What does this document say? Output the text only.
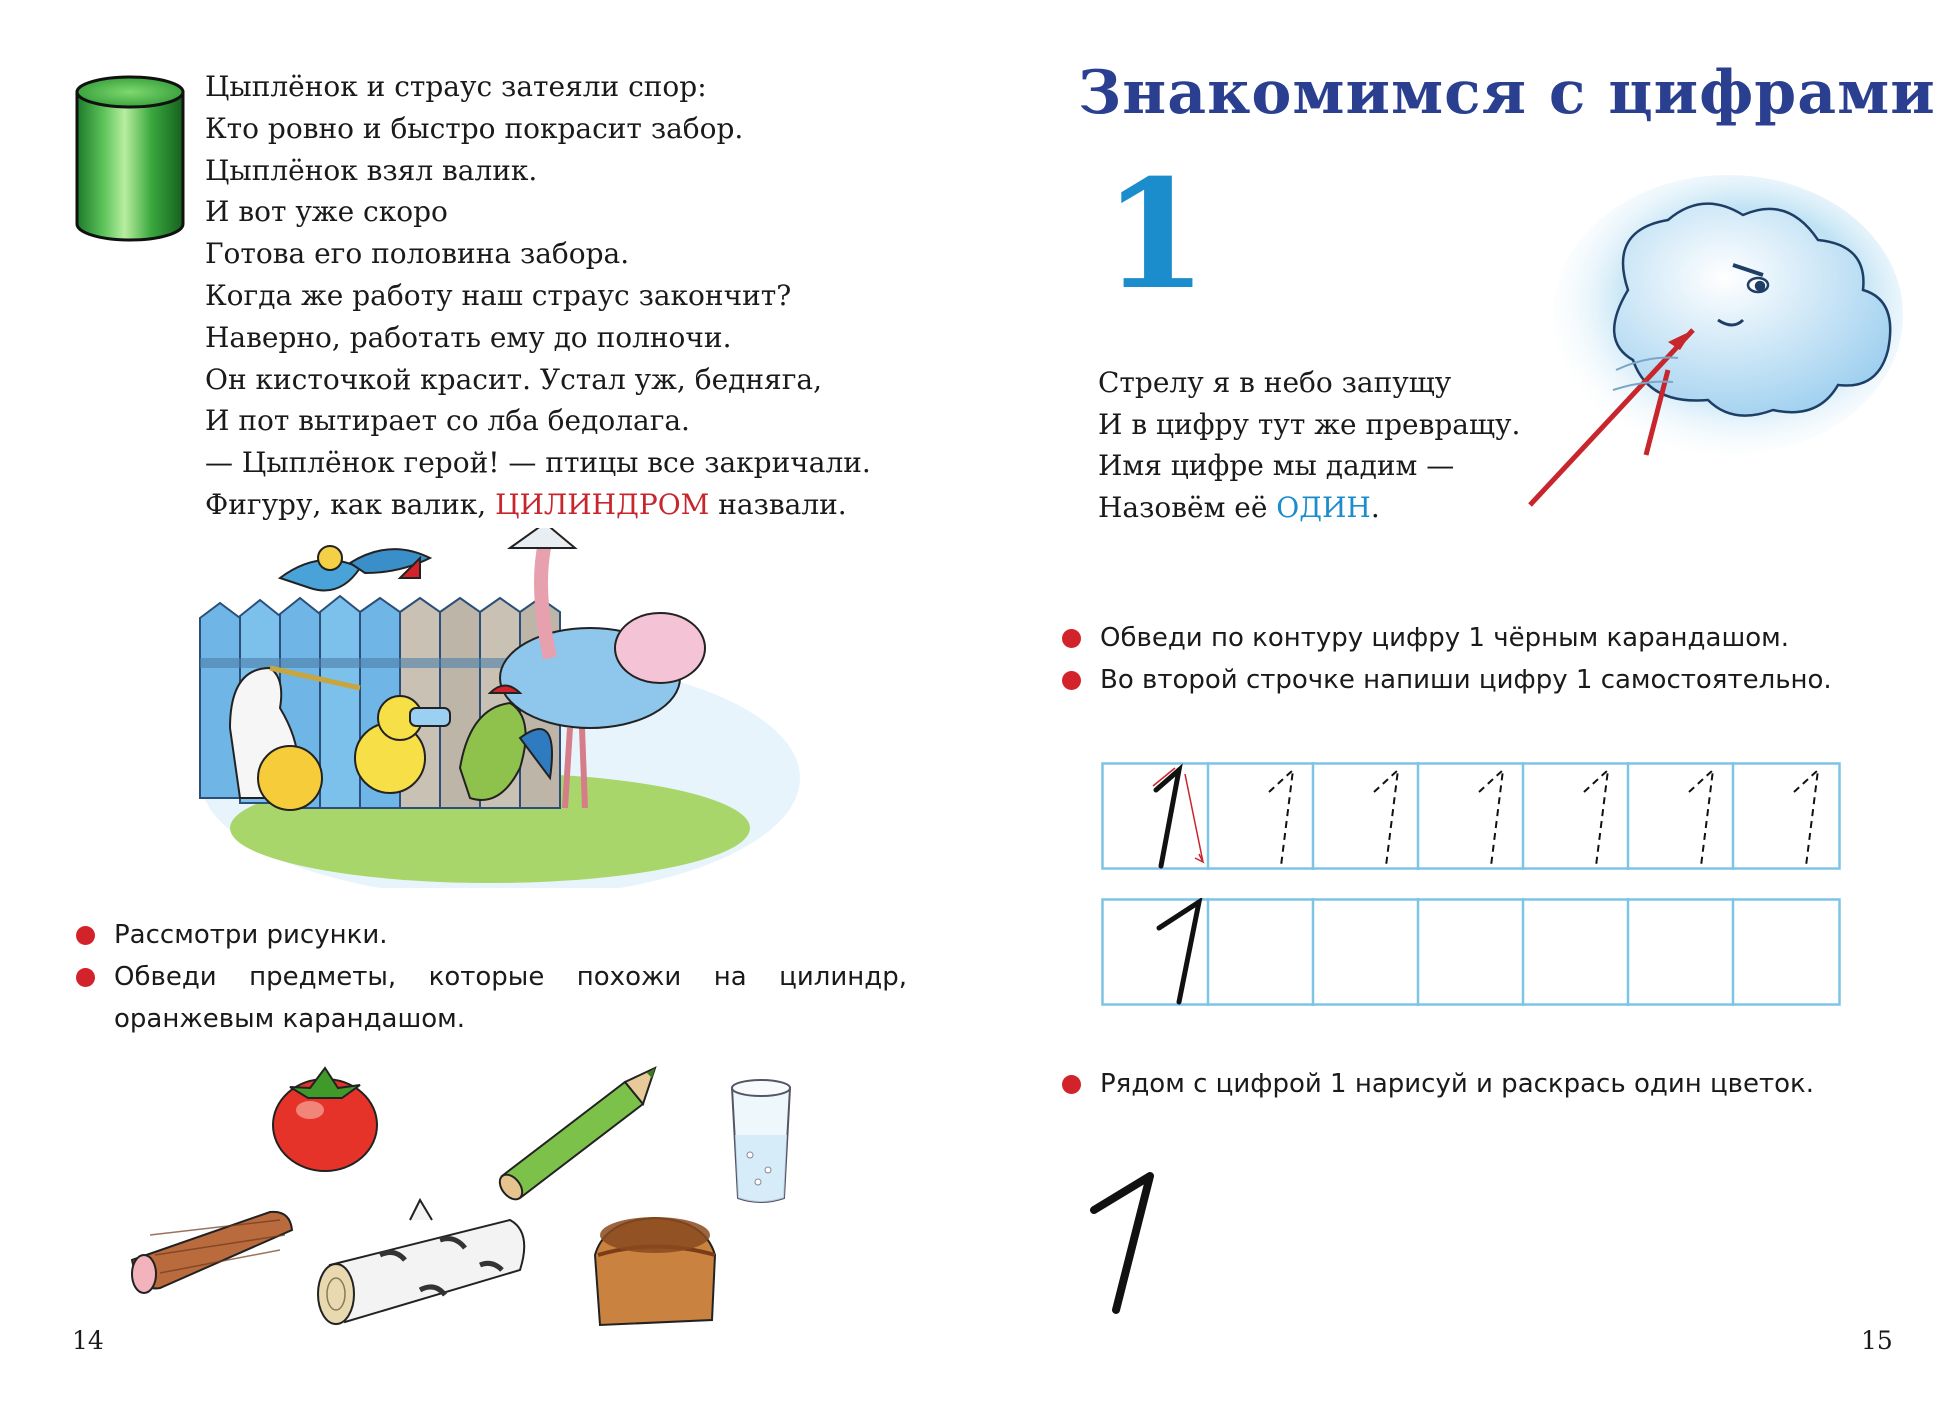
Цыплёнок и страус затеяли спор:
Кто ровно и быстро покрасит забор.
Цыплёнок взял валик.
И вот уже скоро
Готова его половина забора.
Когда же работу наш страус закончит?
Наверно, работать ему до полночи.
Он кисточкой красит. Устал уж, бедняга,
И пот вытирает со лба бедолага.
— Цыплёнок герой! — птицы все закричали.
Фигуру, как валик, ЦИЛИНДРОМ назвали.
Рассмотри рисунки.
Обведи предметы, которые похожи на цилиндр,
оранжевым карандашом.
14
Знакомимся с цифрами
1
Стрелу я в небо запущу
И в цифру тут же превращу.
Имя цифре мы дадим —
Назовём её ОДИН.
Обведи по контуру цифру 1 чёрным карандашом.
Во второй строчке напиши цифру 1 самостоятельно.
Рядом с цифрой 1 нарисуй и раскрась один цветок.
15
